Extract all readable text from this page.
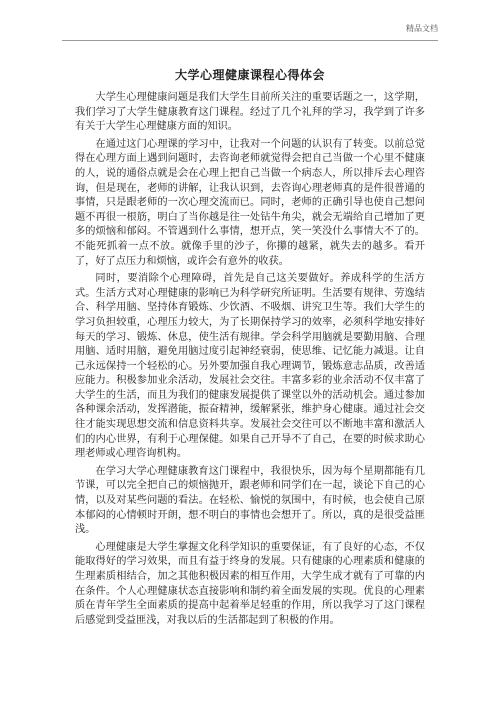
精品文档
大学心理健康课程心得体会

大学生心理健康问题是我们大学生目前所关注的重要话题之一，这学期，我们学习了大学生健康教育这门课程。经过了几个礼拜的学习，我学到了许多有关于大学生心理健康方面的知识。

在通过这门心理课的学习中，让我对一个问题的认识有了转变。以前总觉得在心理方面上遇到问题时，去咨询老师就觉得会把自己当做一个心里不健康的人，说的通俗点就是会在心理上把自己当做一个病态人，所以排斥去心理咨询，但是现在，老师的讲解，让我认识到，去咨询心理老师真的是件很普通的事情，只是跟老师的一次心理交流而已。同时，老师的正确引导也使自己想问题不再很一根筋，明白了当你越是往一处钻牛角尖，就会无端给自己增加了更多的烦恼和郁闷。不管遇到什么事情，想开点，笑一笑没什么事情大不了的。不能死抓着一点不放。就像手里的沙子，你攥的越紧，就失去的越多。看开了，好了点压力和烦恼，或许会有意外的收获。

同时，要消除个心理障碍，首先是自己这关要做好。养成科学的生活方式。生活方式对心理健康的影响已为科学研究所证明。生活要有规律、劳逸结合、科学用脑、坚持体育锻炼、少饮酒、不吸烟、讲究卫生等。我们大学生的学习负担较重，心理压力较大，为了长期保持学习的效率，必须科学地安排好每天的学习、锻炼、休息，使生活有规律。学会科学用脑就是要勤用脑、合理用脑、适时用脑，避免用脑过度引起神经衰弱，使思维、记忆能力减退。让自己永远保持一个轻松的心。另外要加强自我心理调节，锻炼意志品质，改善适应能力。积极参加业余活动，发展社会交往。丰富多彩的业余活动不仅丰富了大学生的生活，而且为我们的健康发展提供了课堂以外的活动机会。通过参加各种课余活动，发挥潜能，振奋精神，缓解紧张，维护身心健康。通过社会交往才能实现思想交流和信息资料共享。发展社会交往可以不断地丰富和激活人们的内心世界，有利于心理保健。如果自己开导不了自己，在要的时候求助心理老师或心理咨询机构。

在学习大学心理健康教育这门课程中，我很快乐，因为每个星期都能有几节课，可以完全把自己的烦恼抛开，跟老师和同学们在一起，谈论下自己的心情，以及对某些问题的看法。在轻松、愉悦的氛围中，有时候，也会使自己原本郁闷的心情顿时开朗，想不明白的事情也会想开了。所以，真的是很受益匪浅。

心理健康是大学生掌握文化科学知识的重要保证，有了良好的心态，不仅能取得好的学习效果，而且有益于终身的发展。只有健康的心理素质和健康的生理素质相结合，加之其他积极因素的相互作用，大学生成才就有了可靠的内在条件。个人心理健康状态直接影响和制约着全面发展的实现。优良的心理素质在青年学生全面素质的提高中起着举足轻重的作用，所以我学习了这门课程后感觉到受益匪浅，对我以后的生活都起到了积极的作用。
